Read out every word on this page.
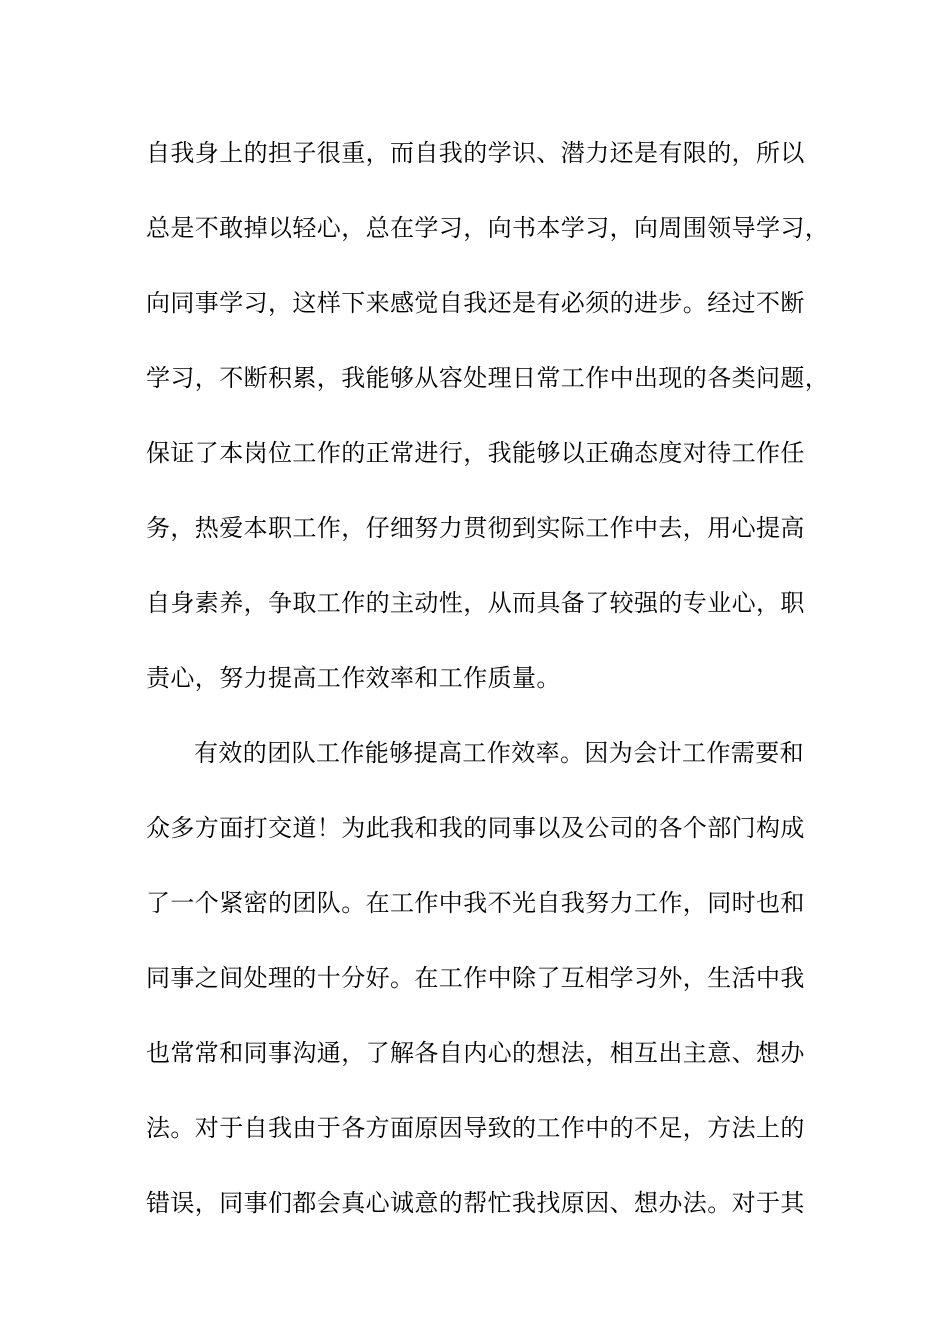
自我身上的担子很重，而自我的学识、潜力还是有限的，所以
总是不敢掉以轻心，总在学习，向书本学习，向周围领导学习，
向同事学习，这样下来感觉自我还是有必须的进步。经过不断
学习，不断积累，我能够从容处理日常工作中出现的各类问题，
保证了本岗位工作的正常进行，我能够以正确态度对待工作任
务，热爱本职工作，仔细努力贯彻到实际工作中去，用心提高
自身素养，争取工作的主动性，从而具备了较强的专业心，职
责心，努力提高工作效率和工作质量。
有效的团队工作能够提高工作效率。因为会计工作需要和
众多方面打交道！为此我和我的同事以及公司的各个部门构成
了一个紧密的团队。在工作中我不光自我努力工作，同时也和
同事之间处理的十分好。在工作中除了互相学习外，生活中我
也常常和同事沟通，了解各自内心的想法，相互出主意、想办
法。对于自我由于各方面原因导致的工作中的不足，方法上的
错误，同事们都会真心诚意的帮忙我找原因、想办法。对于其
